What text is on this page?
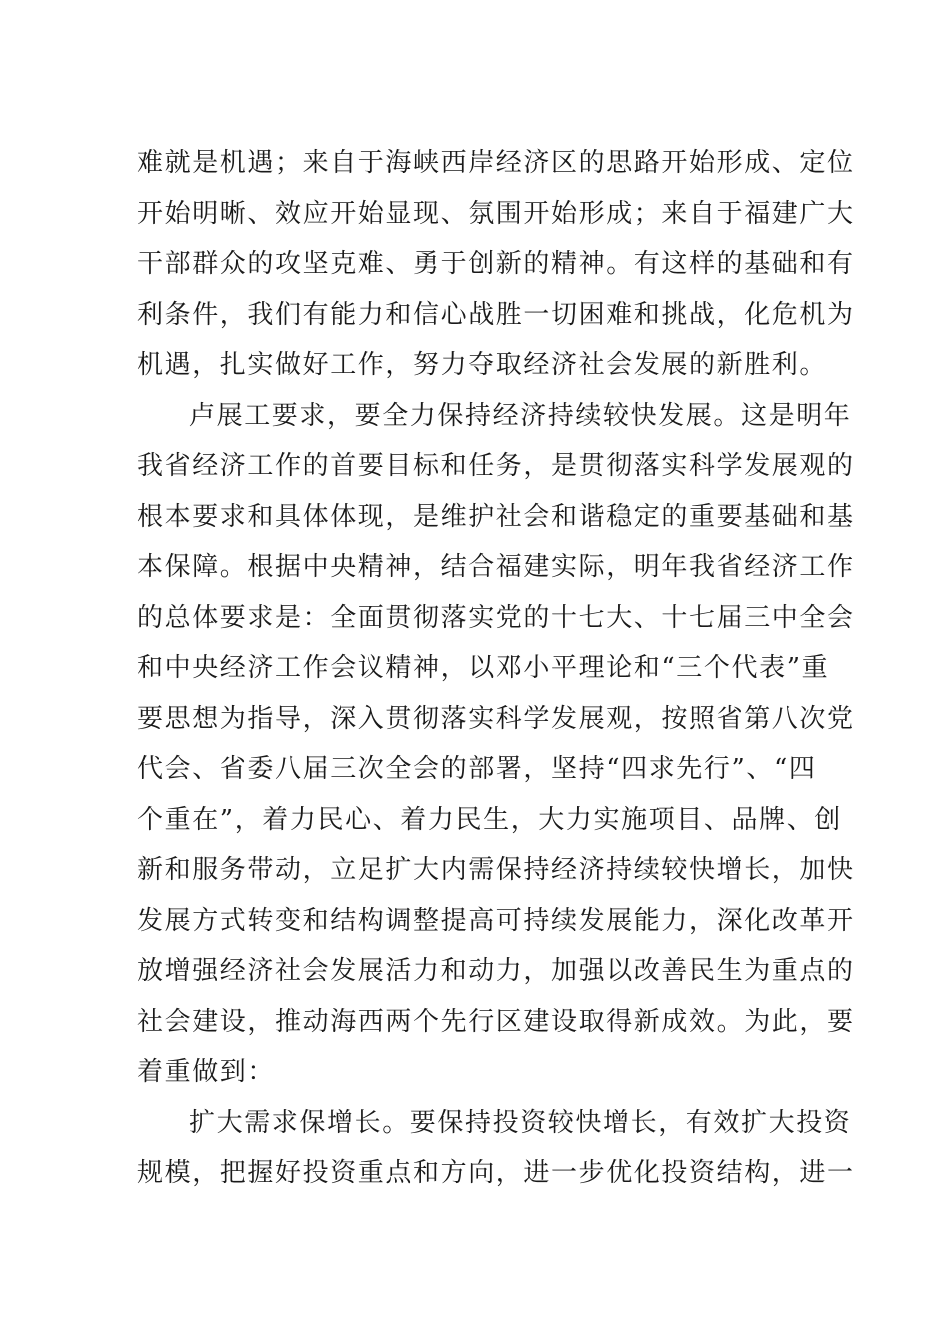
难就是机遇；来自于海峡西岸经济区的思路开始形成、定位
开始明晰、效应开始显现、氛围开始形成；来自于福建广大
干部群众的攻坚克难、勇于创新的精神。有这样的基础和有
利条件，我们有能力和信心战胜一切困难和挑战，化危机为
机遇，扎实做好工作，努力夺取经济社会发展的新胜利。
卢展工要求，要全力保持经济持续较快发展。这是明年
我省经济工作的首要目标和任务，是贯彻落实科学发展观的
根本要求和具体体现，是维护社会和谐稳定的重要基础和基
本保障。根据中央精神，结合福建实际，明年我省经济工作
的总体要求是：全面贯彻落实党的十七大、十七届三中全会
和中央经济工作会议精神，以邓小平理论和“三个代表”重
要思想为指导，深入贯彻落实科学发展观，按照省第八次党
代会、省委八届三次全会的部署，坚持“四求先行”、“四
个重在”，着力民心、着力民生，大力实施项目、品牌、创
新和服务带动，立足扩大内需保持经济持续较快增长，加快
发展方式转变和结构调整提高可持续发展能力，深化改革开
放增强经济社会发展活力和动力，加强以改善民生为重点的
社会建设，推动海西两个先行区建设取得新成效。为此，要
着重做到：
扩大需求保增长。要保持投资较快增长，有效扩大投资
规模，把握好投资重点和方向，进一步优化投资结构，进一
